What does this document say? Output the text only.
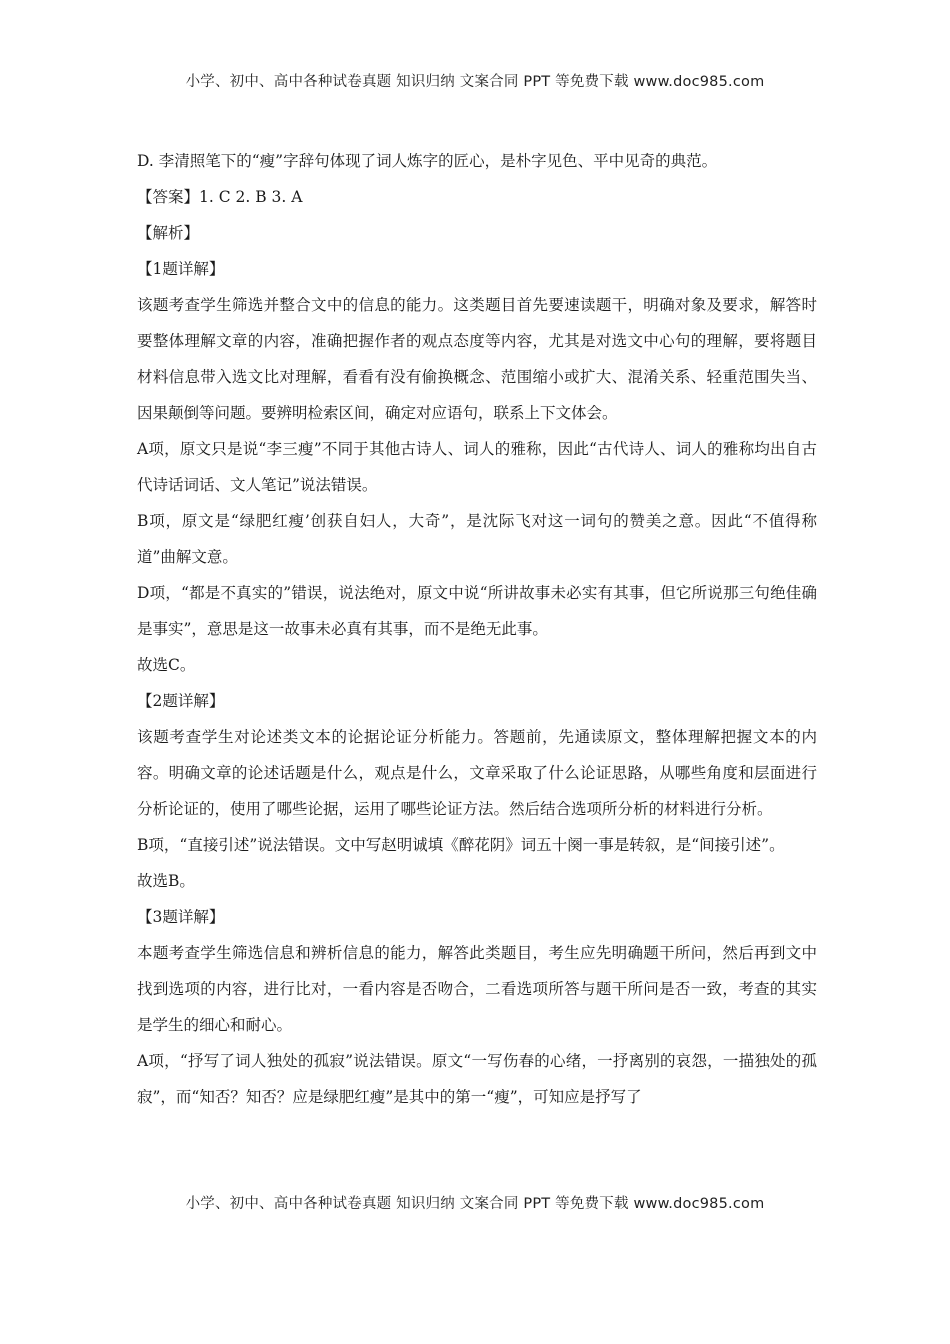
小学、初中、高中各种试卷真题 知识归纳 文案合同 PPT 等免费下载 www.doc985.com

D. 李清照笔下的“瘦”字辞句体现了词人炼字的匠心，是朴字见色、平中见奇的典范。

【答案】1. C 2. B 3. A

【解析】

【1题详解】

该题考查学生筛选并整合文中的信息的能力。这类题目首先要速读题干，明确对象及要求，解答时要整体理解文章的内容，准确把握作者的观点态度等内容，尤其是对选文中心句的理解，要将题目材料信息带入选文比对理解，看看有没有偷换概念、范围缩小或扩大、混淆关系、轻重范围失当、因果颠倒等问题。要辨明检索区间，确定对应语句，联系上下文体会。

A项，原文只是说“李三瘦”不同于其他古诗人、词人的雅称，因此“古代诗人、词人的雅称均出自古代诗话词话、文人笔记”说法错误。

B项，原文是“绿肥红瘦’创获自妇人，大奇”，是沈际飞对这一词句的赞美之意。因此“不值得称道”曲解文意。

D项，“都是不真实的”错误，说法绝对，原文中说“所讲故事未必实有其事，但它所说那三句绝佳确是事实”，意思是这一故事未必真有其事，而不是绝无此事。

故选C。

【2题详解】

该题考查学生对论述类文本的论据论证分析能力。答题前，先通读原文，整体理解把握文本的内容。明确文章的论述话题是什么，观点是什么，文章采取了什么论证思路，从哪些角度和层面进行分析论证的，使用了哪些论据，运用了哪些论证方法。然后结合选项所分析的材料进行分析。

B项，“直接引述”说法错误。文中写赵明诚填《醉花阴》词五十阕一事是转叙，是“间接引述”。

故选B。

【3题详解】

本题考查学生筛选信息和辨析信息的能力，解答此类题目，考生应先明确题干所问，然后再到文中找到选项的内容，进行比对，一看内容是否吻合，二看选项所答与题干所问是否一致，考查的其实是学生的细心和耐心。

A项，“抒写了词人独处的孤寂”说法错误。原文“一写伤春的心绪，一抒离别的哀怨，一描独处的孤寂”，而“知否？知否？应是绿肥红瘦”是其中的第一“瘦”，可知应是抒写了

小学、初中、高中各种试卷真题 知识归纳 文案合同 PPT 等免费下载 www.doc985.com
